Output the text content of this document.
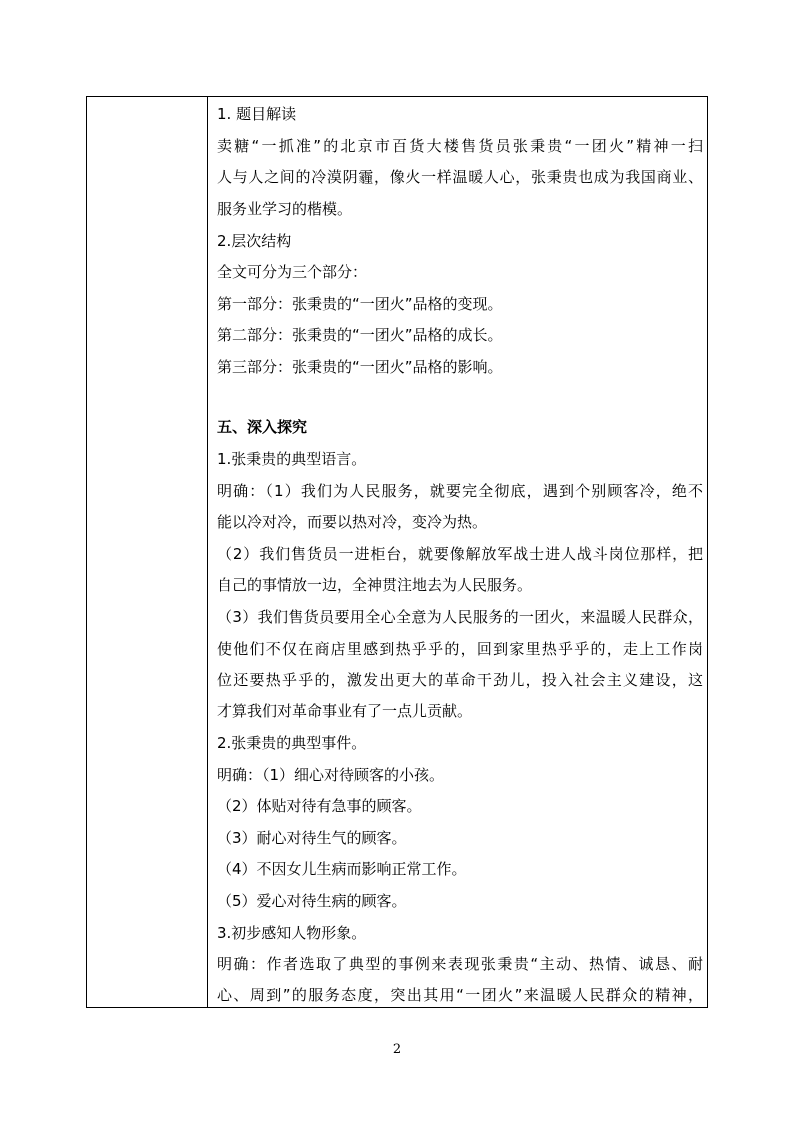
1. 题目解读
卖糖“一抓准”的北京市百货大楼售货员张秉贵“一团火”精神一扫
人与人之间的冷漠阴霾，像火一样温暖人心，张秉贵也成为我国商业、
服务业学习的楷模。
2.层次结构
全文可分为三个部分：
第一部分：张秉贵的“一团火”品格的变现。
第二部分：张秉贵的“一团火”品格的成长。
第三部分：张秉贵的“一团火”品格的影响。
五、深入探究
1.张秉贵的典型语言。
明确：（1）我们为人民服务，就要完全彻底，遇到个别顾客冷，绝不
能以冷对冷，而要以热对冷，变冷为热。
（2）我们售货员一进柜台，就要像解放军战士进人战斗岗位那样，把
自己的事情放一边，全神贯注地去为人民服务。
（3）我们售货员要用全心全意为人民服务的一团火，来温暖人民群众，
使他们不仅在商店里感到热乎乎的，回到家里热乎乎的，走上工作岗
位还要热乎乎的，激发出更大的革命干劲儿，投入社会主义建设，这
才算我们对革命事业有了一点儿贡献。
2.张秉贵的典型事件。
明确：（1）细心对待顾客的小孩。
（2）体贴对待有急事的顾客。
（3）耐心对待生气的顾客。
（4）不因女儿生病而影响正常工作。
（5）爱心对待生病的顾客。
3.初步感知人物形象。
明确：作者选取了典型的事例来表现张秉贵“主动、热情、诚恳、耐
心、周到”的服务态度，突出其用“一团火”来温暖人民群众的精神，
2
